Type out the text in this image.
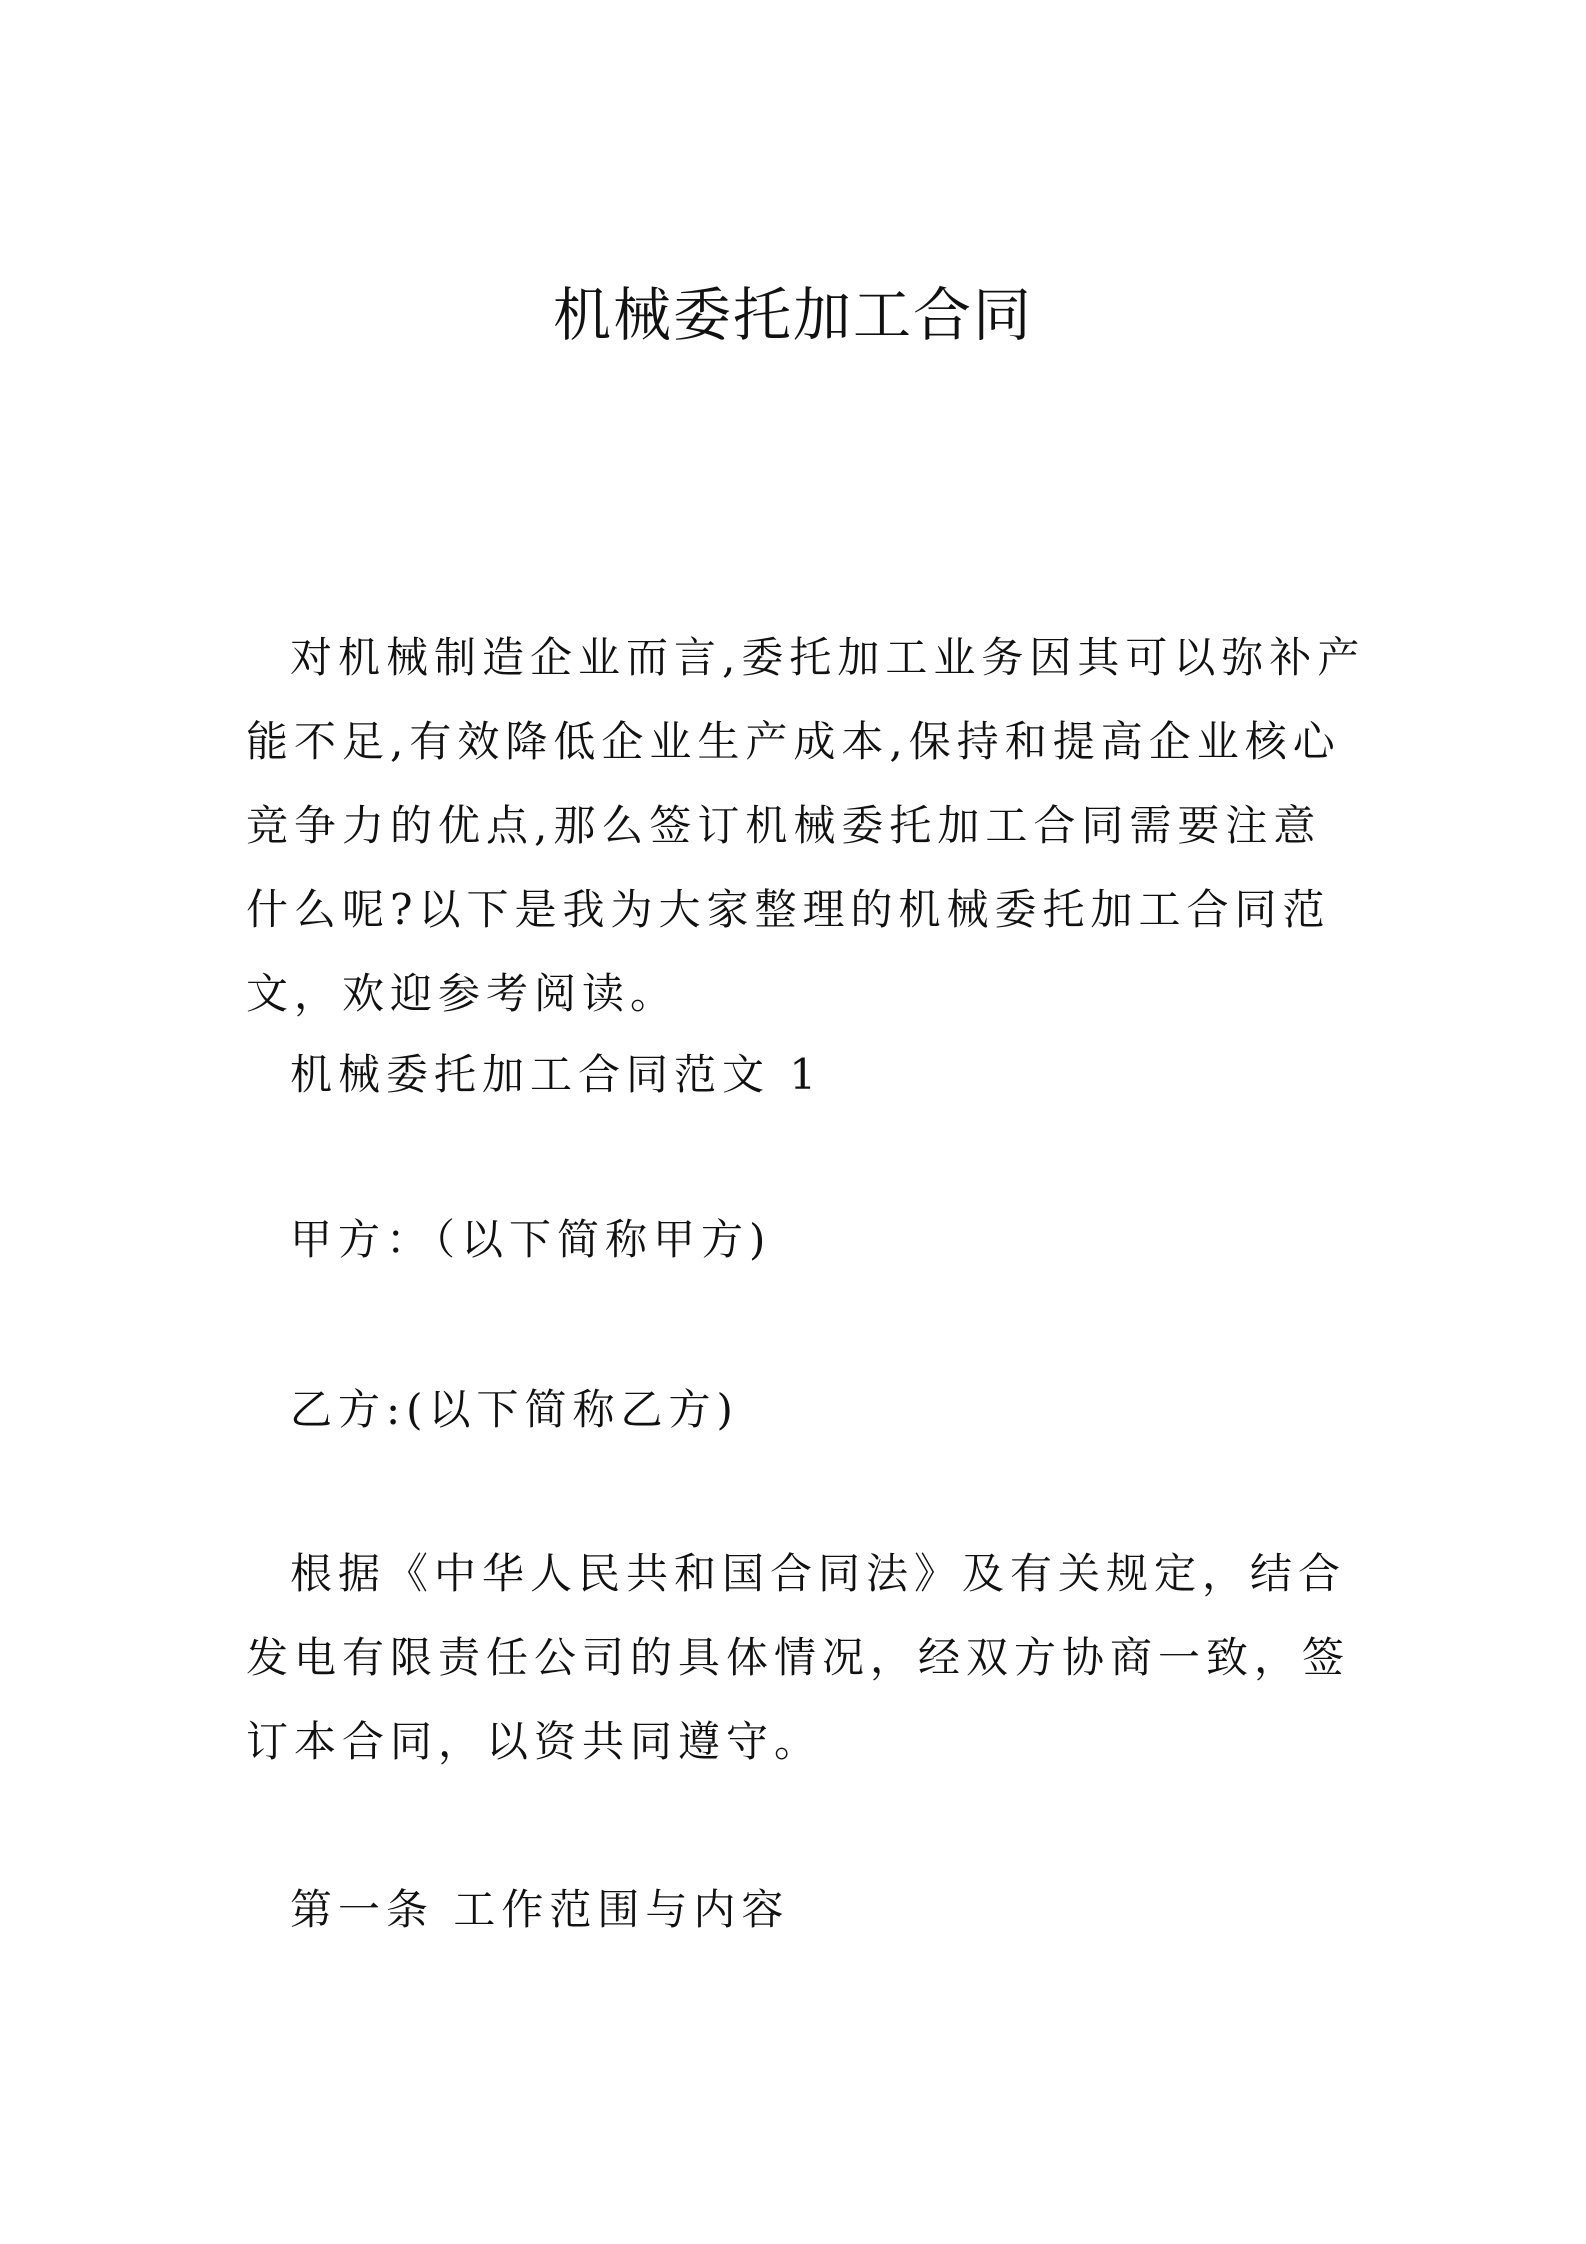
机械委托加工合同

对机械制造企业而言,委托加工业务因其可以弥补产能不足,有效降低企业生产成本,保持和提高企业核心竞争力的优点,那么签订机械委托加工合同需要注意什么呢?以下是我为大家整理的机械委托加工合同范文，欢迎参考阅读。

机械委托加工合同范文 1

甲方：（以下简称甲方)

乙方:(以下简称乙方)

根据《中华人民共和国合同法》及有关规定，结合发电有限责任公司的具体情况，经双方协商一致，签订本合同，以资共同遵守。

第一条 工作范围与内容
